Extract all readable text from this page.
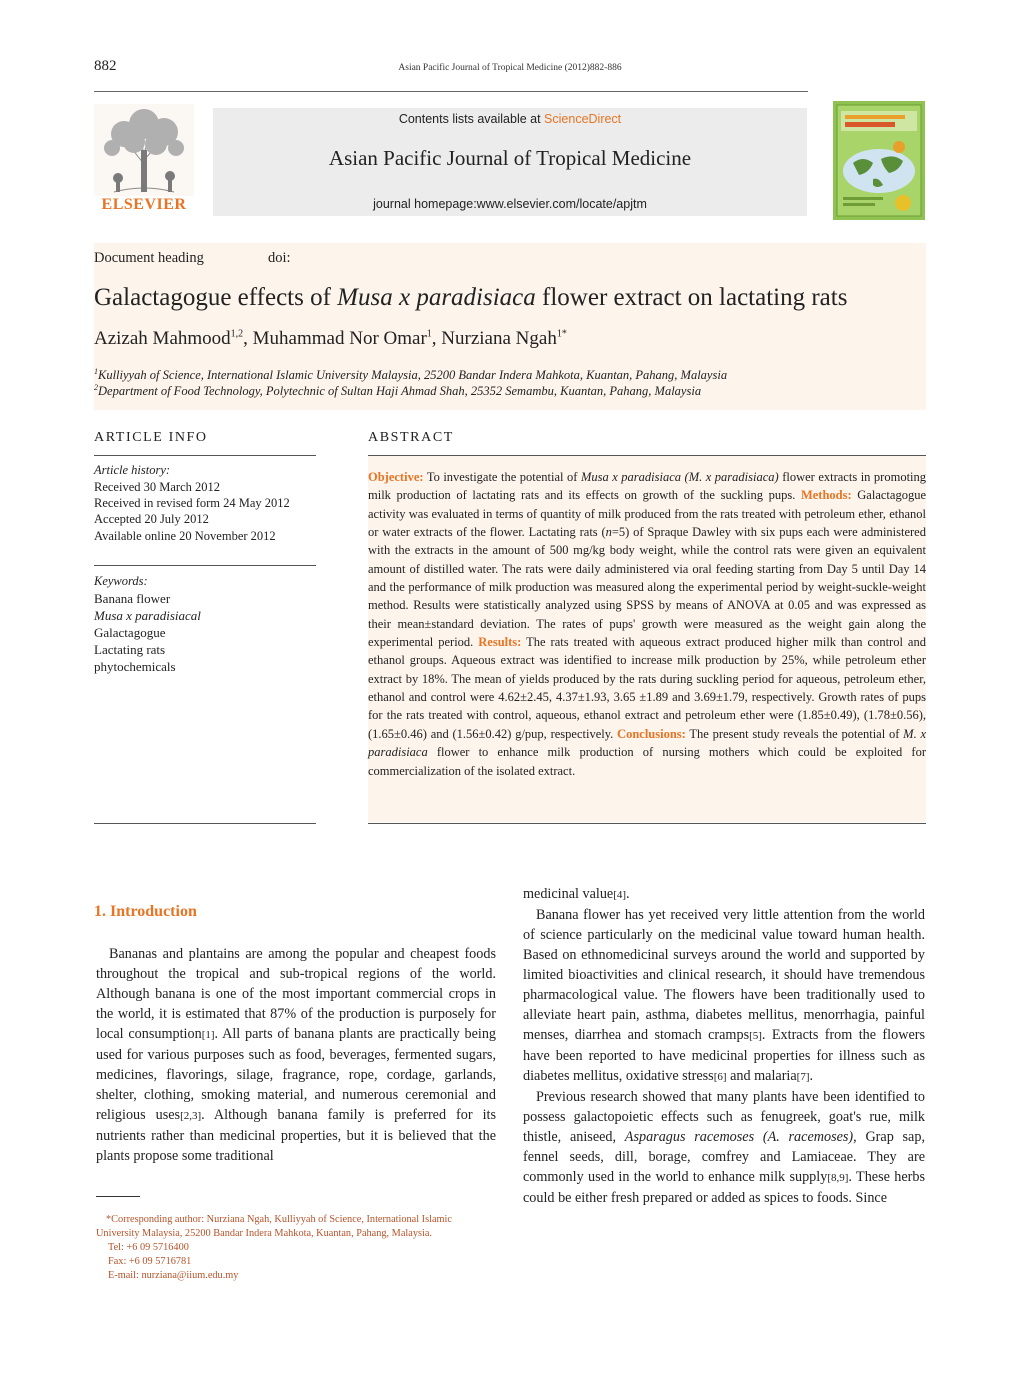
882	Asian Pacific Journal of Tropical Medicine (2012)882-886
ELSEVIER
Contents lists available at ScienceDirect
Asian Pacific Journal of Tropical Medicine
journal homepage:www.elsevier.com/locate/apjtm
Document heading	doi:
Galactagogue effects of Musa x paradisiaca flower extract on lactating rats
Azizah Mahmood$^{1,2}$, Muhammad Nor Omar$^1$, Nurziana Ngah$^{1*}$
$^1$Kulliyyah of Science, International Islamic University Malaysia, 25200 Bandar Indera Mahkota, Kuantan, Pahang, Malaysia
$^2$Department of Food Technology, Polytechnic of Sultan Haji Ahmad Shah, 25352 Semambu, Kuantan, Pahang, Malaysia
ARTICLE INFO
Article history:
Received 30 March 2012
Received in revised form 24 May 2012
Accepted 20 July 2012
Available online 20 November 2012
Keywords:
Banana flower
Musa x paradisiacal
Galactagogue
Lactating rats
phytochemicals
ABSTRACT
Objective: To investigate the potential of Musa x paradisiaca (M. x paradisiaca) flower extracts in promoting milk production of lactating rats and its effects on growth of the suckling pups. Methods: Galactagogue activity was evaluated in terms of quantity of milk produced from the rats treated with petroleum ether, ethanol or water extracts of the flower. Lactating rats (n=5) of Spraque Dawley with six pups each were administered with the extracts in the amount of 500 mg/kg body weight, while the control rats were given an equivalent amount of distilled water. The rats were daily administered via oral feeding starting from Day 5 until Day 14 and the performance of milk production was measured along the experimental period by weight-suckle-weight method. Results were statistically analyzed using SPSS by means of ANOVA at 0.05 and was expressed as their mean±standard deviation. The rates of pups' growth were measured as the weight gain along the experimental period. Results: The rats treated with aqueous extract produced higher milk than control and ethanol groups. Aqueous extract was identified to increase milk production by 25%, while petroleum ether extract by 18%. The mean of yields produced by the rats during suckling period for aqueous, petroleum ether, ethanol and control were 4.62±2.45, 4.37±1.93, 3.65 ±1.89 and 3.69±1.79, respectively. Growth rates of pups for the rats treated with control, aqueous, ethanol extract and petroleum ether were (1.85±0.49), (1.78±0.56), (1.65±0.46) and (1.56±0.42) g/pup, respectively. Conclusions: The present study reveals the potential of M. x paradisiaca flower to enhance milk production of nursing mothers which could be exploited for commercialization of the isolated extract.
1. Introduction
Bananas and plantains are among the popular and cheapest foods throughout the tropical and sub-tropical regions of the world. Although banana is one of the most important commercial crops in the world, it is estimated that 87% of the production is purposely for local consumption[1]. All parts of banana plants are practically being used for various purposes such as food, beverages, fermented sugars, medicines, flavorings, silage, fragrance, rope, cordage, garlands, shelter, clothing, smoking material, and numerous ceremonial and religious uses[2,3]. Although banana family is preferred for its nutrients rather than medicinal properties, but it is believed that the plants propose some traditional

medicinal value[4].

Banana flower has yet received very little attention from the world of science particularly on the medicinal value toward human health. Based on ethnomedicinal surveys around the world and supported by limited bioactivities and clinical research, it should have tremendous pharmacological value. The flowers have been traditionally used to alleviate heart pain, asthma, diabetes mellitus, menorrhagia, painful menses, diarrhea and stomach cramps[5]. Extracts from the flowers have been reported to have medicinal properties for illness such as diabetes mellitus, oxidative stress[6] and malaria[7].

Previous research showed that many plants have been identified to possess galactopoietic effects such as fenugreek, goat's rue, milk thistle, aniseed, Asparagus racemoses (A. racemoses), Grap sap, fennel seeds, dill, borage, comfrey and Lamiaceae. They are commonly used in the world to enhance milk supply[8,9]. These herbs could be either fresh prepared or added as spices to foods. Since

*Corresponding author: Nurziana Ngah, Kulliyyah of Science, International Islamic University Malaysia, 25200 Bandar Indera Mahkota, Kuantan, Pahang, Malaysia.
Tel: +6 09 5716400
Fax: +6 09 5716781
E-mail: nurziana@iium.edu.my
